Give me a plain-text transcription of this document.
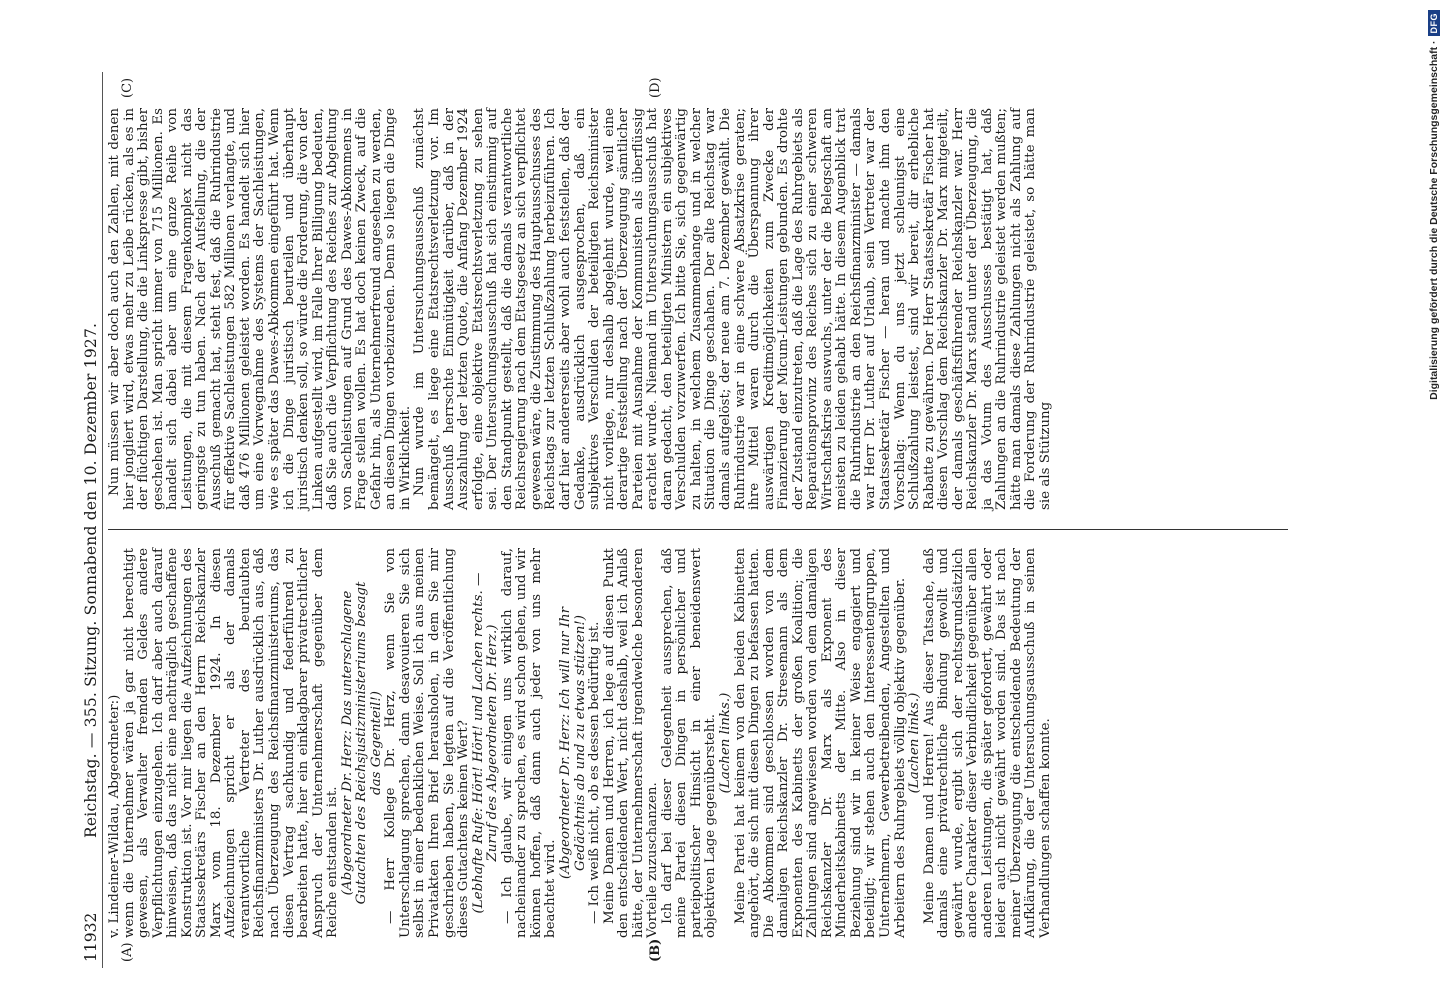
11932
Reichstag. — 355. Sitzung. Sonnabend den 10. Dezember 1927.
(A)	(B)
(C)	(D)

v. Lindeiner-Wildau, Abgeordneter:) wenn die Unternehmer wären ja gar nicht berechtigt gewesen, als Verwalter fremden Geldes andere Verpflichtungen einzugehen. Ich darf aber auch darauf hinweisen, daß das nicht eine nachträglich geschaffene Konstruktion ist. Vor mir liegen die Aufzeichnungen des Staatssekretärs Fischer an den Herrn Reichskanzler Marx vom 18. Dezember 1924. In diesen Aufzeichnungen spricht er als der damals verantwortliche Vertreter des beurlaubten Reichsfinanzministers Dr. Luther ausdrücklich aus, daß nach Überzeugung des Reichsfinanzministeriums, das diesen Vertrag sachkundig und federführend zu bearbeiten hatte, hier ein einklagbarer privatrechtlicher Anspruch der Unternehmerschaft gegenüber dem Reiche entstanden ist. (Abgeordneter Dr. Herz: Das unterschlagene Gutachten des Reichsjustizministeriums besagt das Gegenteil!) — Herr Kollege Dr. Herz, wenn Sie von Unterschlagung sprechen, dann desavouieren Sie sich selbst in einer bedenklichen Weise. Soll ich aus meinen Privatakten Ihren Brief herausholen, in dem Sie mir geschrieben haben, Sie legten auf die Veröffentlichung dieses Gutachtens keinen Wert? (Lebhafte Rufe: Hört! Hört! und Lachen rechts. — Zuruf des Abgeordneten Dr. Herz.) — Ich glaube, wir einigen uns wirklich darauf, nacheinander zu sprechen, es wird schon gehen, und wir können hoffen, daß dann auch jeder von uns mehr beachtet wird.

(Abgeordneter Dr. Herz: Ich will nur Ihr Gedächtnis ab und zu etwas stützen!) — Ich weiß nicht, ob es dessen bedürftig ist. Meine Damen und Herren, ich lege auf diesen Punkt den entscheidenden Wert, nicht deshalb, weil ich Anlaß hätte, der Unternehmerschaft irgendwelche besonderen Vorteile zuzuschanzen. Ich darf bei dieser Gelegenheit aussprechen, daß meine Partei diesen Dingen in persönlicher und parteipolitischer Hinsicht in einer beneidenswert objektiven Lage gegenübersteht. (Lachen links.) Meine Partei hat keinem von den beiden Kabinetten angehört, die sich mit diesen Dingen zu befassen hatten. Die Abkommen sind geschlossen worden von dem damaligen Reichskanzler Dr. Stresemann als dem Exponenten des Kabinetts der großen Koalition; die Zahlungen sind angewiesen worden von dem damaligen Reichskanzler Dr. Marx als Exponent des Minderheitskabinetts der Mitte. Also in dieser Beziehung sind wir in keiner Weise engagiert und beteiligt; wir stehen auch den Interessentengruppen, Unternehmern, Gewerbetreibenden, Angestellten und Arbeitern des Ruhrgebiets völlig objektiv gegenüber. (Lachen links.) Meine Damen und Herren! Aus dieser Tatsache, daß damals eine privatrechtliche Bindung gewollt und gewährt wurde, ergibt sich der rechtsgrundsätzlich andere Charakter dieser Verbindlichkeit gegenüber allen anderen Leistungen, die später gefordert, gewährt oder leider auch nicht gewährt worden sind. Das ist nach meiner Überzeugung die entscheidende Bedeutung der Aufklärung, die der Untersuchungsausschuß in seinen Verhandlungen schaffen konnte.

Nun müssen wir aber doch auch den Zahlen, mit denen hier jongliert wird, etwas mehr zu Leibe rücken, als es in der flüchtigen Darstellung, die die Linkspresse gibt, bisher geschehen ist. Man spricht immer von 715 Millionen. Es handelt sich dabei aber um eine ganze Reihe von Leistungen, die mit diesem Fragenkomplex nicht das geringste zu tun haben. Nach der Aufstellung, die der Ausschuß gemacht hat, steht fest, daß die Ruhrindustrie für effektive Sachleistungen 582 Millionen verlangte, und daß 476 Millionen geleistet worden. Es handelt sich hier um eine Vorwegnahme des Systems der Sachleistungen, wie es später das Dawes-Abkommen eingeführt hat. Wenn ich die Dinge juristisch beurteilen und überhaupt juristisch denken soll, so würde die Forderung, die von der Linken aufgestellt wird, im Falle Ihrer Billigung bedeuten, daß Sie auch die Verpflichtung des Reiches zur Abgeltung von Sachleistungen auf Grund des Dawes-Abkommens in Frage stellen wollen. Es hat doch keinen Zweck, auf die Gefahr hin, als Unternehmerfreund angesehen zu werden, an diesen Dingen vorbeizureden. Denn so liegen die Dinge in Wirklichkeit. Nun wurde im Untersuchungsausschuß zunächst bemängelt, es liege eine Etatsrechtsverletzung vor. Im Ausschuß herrschte Einmütigkeit darüber, daß in der Auszahlung der letzten Quote, die Anfang Dezember 1924 erfolgte, eine objektive Etatsrechtsverletzung zu sehen sei. Der Untersuchungsausschuß hat sich einstimmig auf den Standpunkt gestellt, daß die damals verantwortliche Reichsregierung nach dem Etatsgesetz an sich verpflichtet gewesen wäre, die Zustimmung des Hauptausschusses des Reichstags zur letzten Schlußzahlung herbeizuführen. Ich darf hier andererseits aber wohl auch feststellen, daß der Gedanke, ausdrücklich ausgesprochen, daß ein subjektives Verschulden der beteiligten Reichsminister nicht vorliege, nur deshalb abgelehnt wurde, weil eine derartige Feststellung nach der Überzeugung sämtlicher Parteien mit Ausnahme der Kommunisten als überflüssig erachtet wurde. Niemand im Untersuchungsausschuß hat daran gedacht, den beteiligten Ministern ein subjektives Verschulden vorzuwerfen. Ich bitte Sie, sich gegenwärtig zu halten, in welchem Zusammenhange und in welcher Situation die Dinge geschahen. Der alte Reichstag war damals aufgelöst; der neue am 7. Dezember gewählt. Die Ruhrindustrie war in eine schwere Absatzkrise geraten; ihre Mittel waren durch die Überspannung ihrer auswärtigen Kreditmöglichkeiten zum Zwecke der Finanzierung der Micum-Leistungen gebunden. Es drohte der Zustand einzutreten, daß die Lage des Ruhrgebiets als Reparationsprovinz des Reiches sich zu einer schweren Wirtschaftskrise auswuchs, unter der die Belegschaft am meisten zu leiden gehabt hätte. In diesem Augenblick trat die Ruhrindustrie an den Reichsfinanzminister — damals war Herr Dr. Luther auf Urlaub, sein Vertreter war der Staatssekretär Fischer — heran und machte ihm den Vorschlag: Wenn du uns jetzt schleunigst eine Schlußzahlung leistest, sind wir bereit, dir erhebliche Rabatte zu gewähren. Der Herr Staatssekretär Fischer hat diesen Vorschlag dem Reichskanzler Dr. Marx mitgeteilt, der damals geschäftsführender Reichskanzler war. Herr Reichskanzler Dr. Marx stand unter der Überzeugung, die ja das Votum des Ausschusses bestätigt hat, daß Zahlungen an die Ruhrindustrie geleistet werden mußten; hätte man damals diese Zahlungen nicht als Zahlung auf die Forderung der Ruhrindustrie geleistet, so hätte man sie als Stützung

Digitalisierung gefördert durch die Deutsche Forschungsgemeinschaft ·DFG
